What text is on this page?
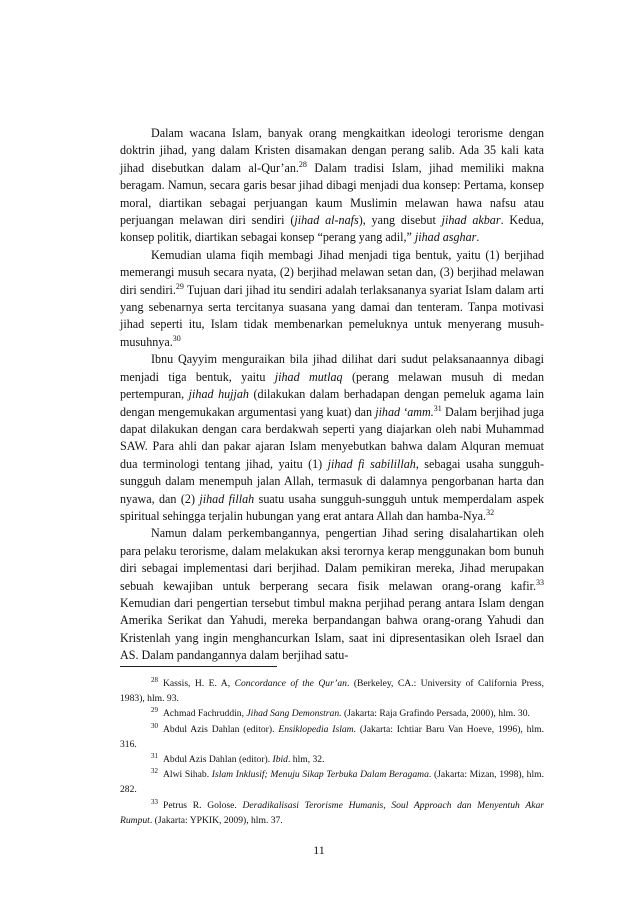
Dalam wacana Islam, banyak orang mengkaitkan ideologi terorisme dengan doktrin jihad, yang dalam Kristen disamakan dengan perang salib. Ada 35 kali kata jihad disebutkan dalam al-Qur’an.$^{28}$ Dalam tradisi Islam, jihad memiliki makna beragam. Namun, secara garis besar jihad dibagi menjadi dua konsep: Pertama, konsep moral, diartikan sebagai perjuangan kaum Muslimin melawan hawa nafsu atau perjuangan melawan diri sendiri (jihad al-nafs), yang disebut jihad akbar. Kedua, konsep politik, diartikan sebagai konsep “perang yang adil,” jihad asghar.

Kemudian ulama fiqih membagi Jihad menjadi tiga bentuk, yaitu (1) berjihad memerangi musuh secara nyata, (2) berjihad melawan setan dan, (3) berjihad melawan diri sendiri.$^{29}$ Tujuan dari jihad itu sendiri adalah terlaksananya syariat Islam dalam arti yang sebenarnya serta tercitanya suasana yang damai dan tenteram. Tanpa motivasi jihad seperti itu, Islam tidak membenarkan pemeluknya untuk menyerang musuh-musuhnya.$^{30}$

Ibnu Qayyim menguraikan bila jihad dilihat dari sudut pelaksanaannya dibagi menjadi tiga bentuk, yaitu jihad mutlaq (perang melawan musuh di medan pertempuran, jihad hujjah (dilakukan dalam berhadapan dengan pemeluk agama lain dengan mengemukakan argumentasi yang kuat) dan jihad ‘amm.$^{31}$ Dalam berjihad juga dapat dilakukan dengan cara berdakwah seperti yang diajarkan oleh nabi Muhammad SAW. Para ahli dan pakar ajaran Islam menyebutkan bahwa dalam Alquran memuat dua terminologi tentang jihad, yaitu (1) jihad fi sabilillah, sebagai usaha sungguh-sungguh dalam menempuh jalan Allah, termasuk di dalamnya pengorbanan harta dan nyawa, dan (2) jihad fillah suatu usaha sungguh-sungguh untuk memperdalam aspek spiritual sehingga terjalin hubungan yang erat antara Allah dan hamba-Nya.$^{32}$

Namun dalam perkembangannya, pengertian Jihad sering disalahartikan oleh para pelaku terorisme, dalam melakukan aksi terornya kerap menggunakan bom bunuh diri sebagai implementasi dari berjihad. Dalam pemikiran mereka, Jihad merupakan sebuah kewajiban untuk berperang secara fisik melawan orang-orang kafir.$^{33}$ Kemudian dari pengertian tersebut timbul makna perjihad perang antara Islam dengan Amerika Serikat dan Yahudi, mereka berpandangan bahwa orang-orang Yahudi dan Kristenlah yang ingin menghancurkan Islam, saat ini dipresentasikan oleh Israel dan AS. Dalam pandangannya dalam berjihad satu-

$^{28}$ Kassis, H. E. A, Concordance of the Qur’an. (Berkeley, CA.: University of California Press, 1983), hlm. 93.

$^{29}$ Achmad Fachruddin, Jihad Sang Demonstran. (Jakarta: Raja Grafindo Persada, 2000), hlm. 30.

$^{30}$ Abdul Azis Dahlan (editor). Ensiklopedia Islam. (Jakarta: Ichtiar Baru Van Hoeve, 1996), hlm. 316.

$^{31}$ Abdul Azis Dahlan (editor). Ibid. hlm, 32.

$^{32}$ Alwi Sihab. Islam Inklusif; Menuju Sikap Terbuka Dalam Beragama. (Jakarta: Mizan, 1998), hlm. 282.

$^{33}$ Petrus R. Golose. Deradikalisasi Terorisme Humanis, Soul Approach dan Menyentuh Akar Rumput. (Jakarta: YPKIK, 2009), hlm. 37.

11
